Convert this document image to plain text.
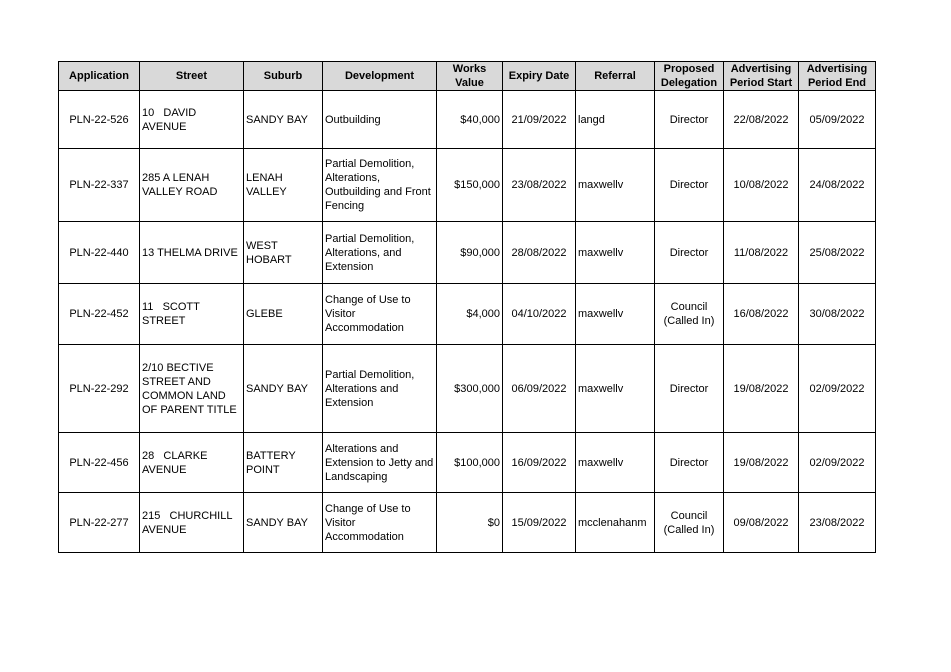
Application	Street	Suburb	Development	Works Value	Expiry Date	Referral	Proposed Delegation	Advertising Period Start	Advertising Period End
PLN-22-526	10   DAVID AVENUE	SANDY BAY	Outbuilding	$40,000	21/09/2022	langd	Director	22/08/2022	05/09/2022
PLN-22-337	285 A LENAH VALLEY ROAD	LENAH VALLEY	Partial Demolition, Alterations, Outbuilding and Front Fencing	$150,000	23/08/2022	maxwellv	Director	10/08/2022	24/08/2022
PLN-22-440	13 THELMA DRIVE	WEST HOBART	Partial Demolition, Alterations, and Extension	$90,000	28/08/2022	maxwellv	Director	11/08/2022	25/08/2022
PLN-22-452	11   SCOTT STREET	GLEBE	Change of Use to Visitor Accommodation	$4,000	04/10/2022	maxwellv	Council (Called In)	16/08/2022	30/08/2022
PLN-22-292	2/10 BECTIVE STREET AND COMMON LAND OF PARENT TITLE	SANDY BAY	Partial Demolition, Alterations and Extension	$300,000	06/09/2022	maxwellv	Director	19/08/2022	02/09/2022
PLN-22-456	28   CLARKE AVENUE	BATTERY POINT	Alterations and Extension to Jetty and Landscaping	$100,000	16/09/2022	maxwellv	Director	19/08/2022	02/09/2022
PLN-22-277	215   CHURCHILL AVENUE	SANDY BAY	Change of Use to Visitor Accommodation	$0	15/09/2022	mcclenahanm	Council (Called In)	09/08/2022	23/08/2022
